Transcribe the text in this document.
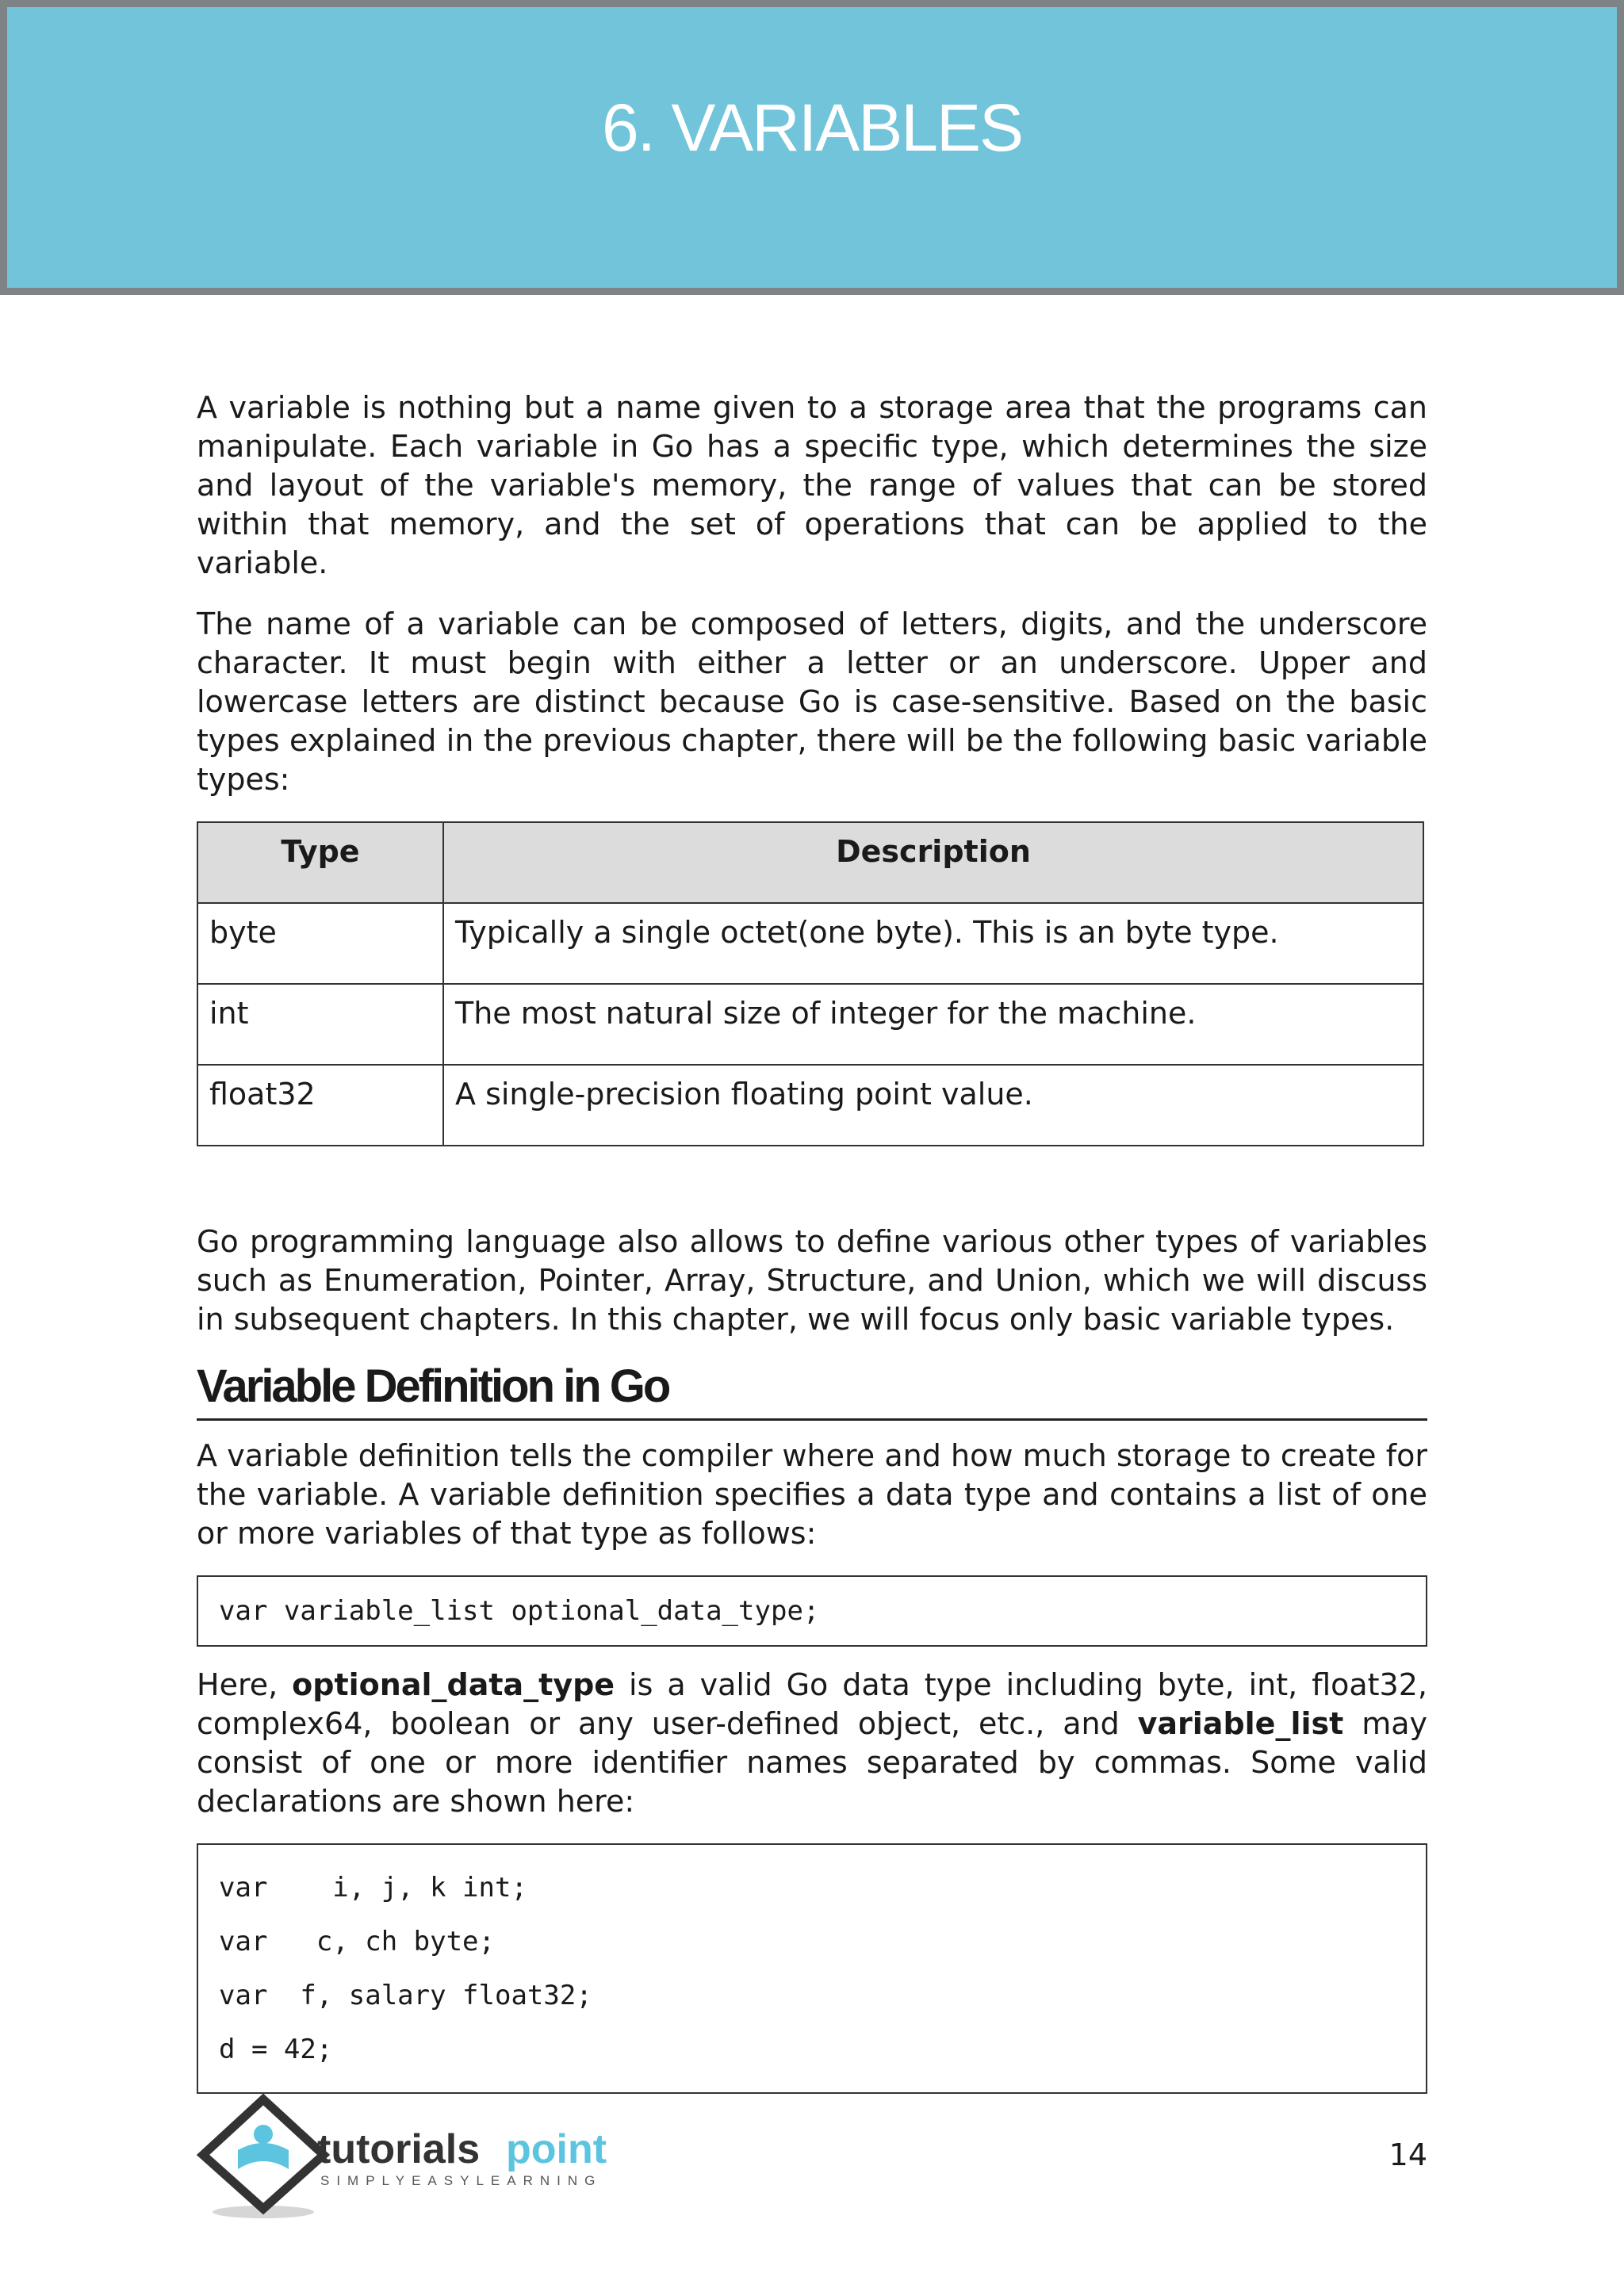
6. VARIABLES

A variable is nothing but a name given to a storage area that the programs can manipulate. Each variable in Go has a specific type, which determines the size and layout of the variable's memory, the range of values that can be stored within that memory, and the set of operations that can be applied to the variable.

The name of a variable can be composed of letters, digits, and the underscore character. It must begin with either a letter or an underscore. Upper and lowercase letters are distinct because Go is case-sensitive. Based on the basic types explained in the previous chapter, there will be the following basic variable types:

Type	Description
byte	Typically a single octet(one byte). This is an byte type.
int	The most natural size of integer for the machine.
float32	A single-precision floating point value.

Go programming language also allows to define various other types of variables such as Enumeration, Pointer, Array, Structure, and Union, which we will discuss in subsequent chapters. In this chapter, we will focus only basic variable types.

Variable Definition in Go

A variable definition tells the compiler where and how much storage to create for the variable. A variable definition specifies a data type and contains a list of one or more variables of that type as follows:

var variable_list optional_data_type;

Here, optional_data_type is a valid Go data type including byte, int, float32, complex64, boolean or any user-defined object, etc., and variable_list may consist of one or more identifier names separated by commas. Some valid declarations are shown here:

var    i, j, k int;
var   c, ch byte;
var  f, salary float32;
d = 42;
tutorials point
SIMPLYEASYLEARNING
14
